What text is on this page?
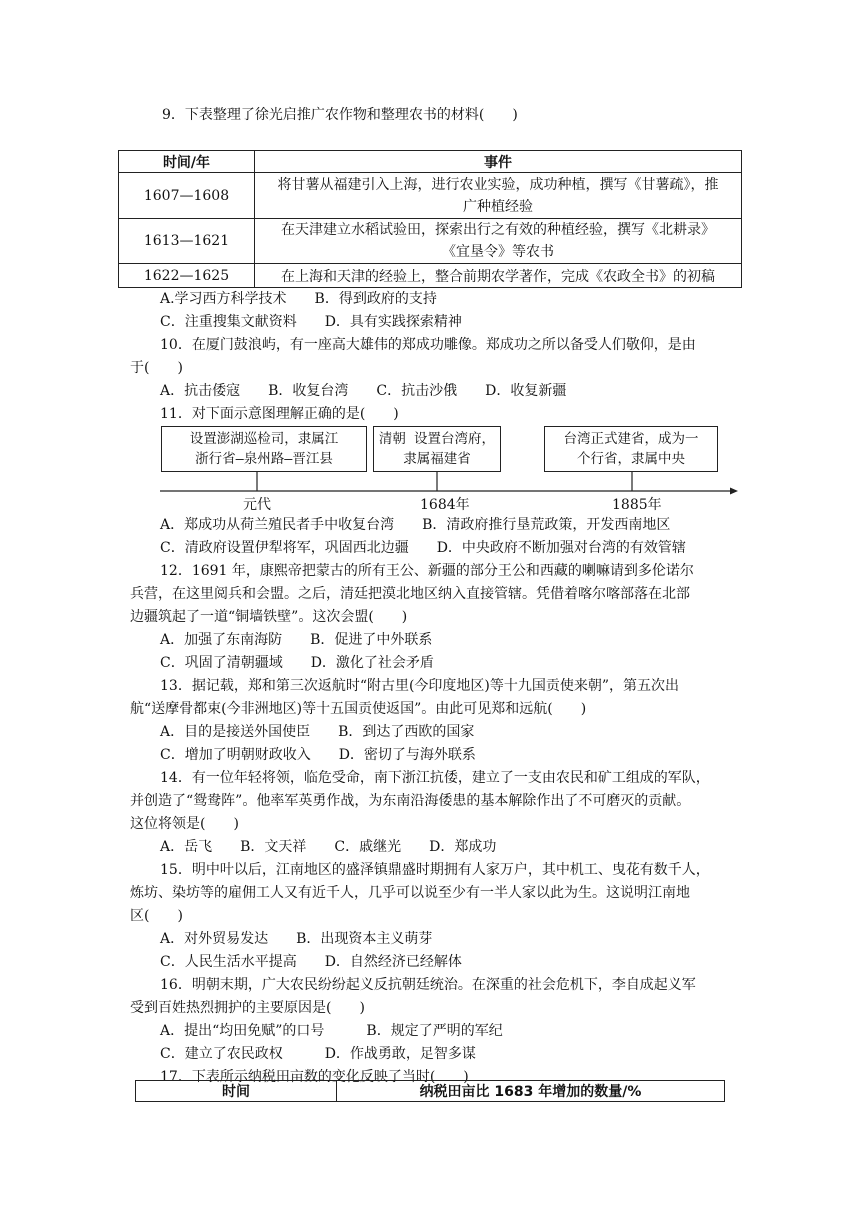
9．下表整理了徐光启推广农作物和整理农书的材料(　　)
时间/年	事件
1607—1608	将甘薯从福建引入上海，进行农业实验，成功种植，撰写《甘薯疏》，推
广种植经验

1613—1621	在天津建立水稻试验田，探索出行之有效的种植经验，撰写《北耕录》
《宜垦令》等农书

1622—1625	在上海和天津的经验上，整合前期农学著作，完成《农政全书》的初稿
A.学习西方科学技术　　B．得到政府的支持
C．注重搜集文献资料　　D．具有实践探索精神
10．在厦门鼓浪屿，有一座高大雄伟的郑成功雕像。郑成功之所以备受人们敬仰，是由
于(　　)
A．抗击倭寇　　B．收复台湾　　C．抗击沙俄　　D．收复新疆
11．对下面示意图理解正确的是(　　)
设置澎湖巡检司，隶属江
浙行省—泉州路—晋江县
清朝 设置台湾府，
隶属福建省
台湾正式建省，成为一
个行省，隶属中央
元代	1684年	1885年
A．郑成功从荷兰殖民者手中收复台湾　　B．清政府推行垦荒政策，开发西南地区
C．清政府设置伊犁将军，巩固西北边疆　　D．中央政府不断加强对台湾的有效管辖
12．1691 年，康熙帝把蒙古的所有王公、新疆的部分王公和西藏的喇嘛请到多伦诺尔
兵营，在这里阅兵和会盟。之后，清廷把漠北地区纳入直接管辖。凭借着喀尔喀部落在北部
边疆筑起了一道“铜墙铁壁”。这次会盟(　　)
A．加强了东南海防　　B．促进了中外联系
C．巩固了清朝疆域　　D．激化了社会矛盾
13．据记载，郑和第三次返航时“附古里(今印度地区)等十九国贡使来朝”，第五次出
航“送摩骨都束(今非洲地区)等十五国贡使返国”。由此可见郑和远航(　　)
A．目的是接送外国使臣　　B．到达了西欧的国家
C．增加了明朝财政收入　　D．密切了与海外联系
14．有一位年轻将领，临危受命，南下浙江抗倭，建立了一支由农民和矿工组成的军队，
并创造了“鸳鸯阵”。他率军英勇作战，为东南沿海倭患的基本解除作出了不可磨灭的贡献。
这位将领是(　　)
A．岳飞　　B．文天祥　　C．戚继光　　D．郑成功
15．明中叶以后，江南地区的盛泽镇鼎盛时期拥有人家万户，其中机工、曳花有数千人，
炼坊、染坊等的雇佣工人又有近千人，几乎可以说至少有一半人家以此为生。这说明江南地
区(　　)
A．对外贸易发达　　B．出现资本主义萌芽
C．人民生活水平提高　　D．自然经济已经解体
16．明朝末期，广大农民纷纷起义反抗朝廷统治。在深重的社会危机下，李自成起义军
受到百姓热烈拥护的主要原因是(　　)
A．提出“均田免赋”的口号　　　B．规定了严明的军纪
C．建立了农民政权　　　D．作战勇敢，足智多谋
17．下表所示纳税田亩数的变化反映了当时(　　)
时间	纳税田亩比 1683 年增加的数量/%
